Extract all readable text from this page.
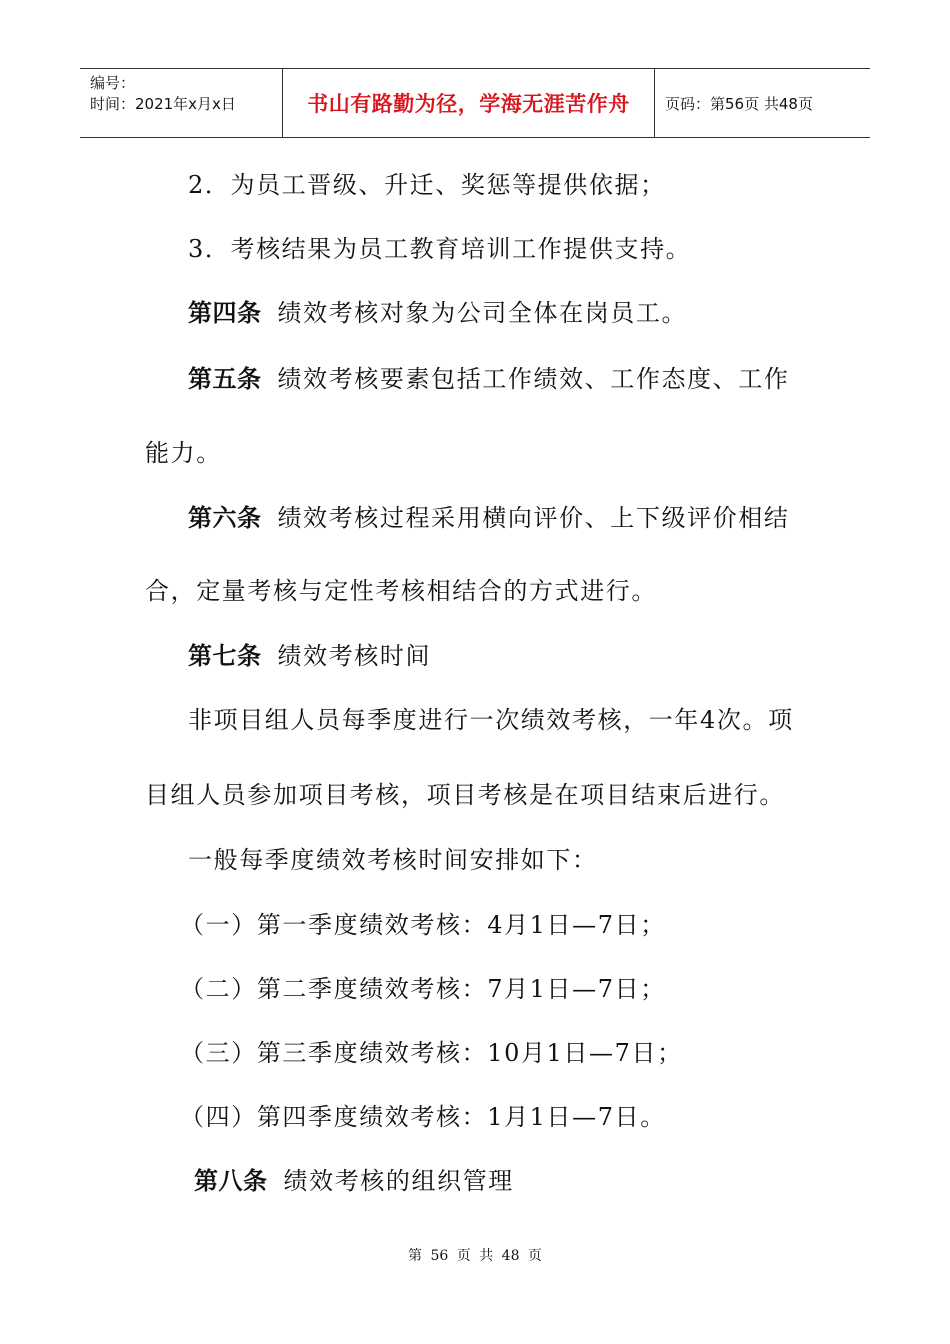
编号：
时间：2021年x月x日	书山有路勤为径，学海无涯苦作舟	页码：第56页 共48页
2．为员工晋级、升迁、奖惩等提供依据；
3．考核结果为员工教育培训工作提供支持。
第四条 绩效考核对象为公司全体在岗员工。
第五条 绩效考核要素包括工作绩效、工作态度、工作
能力。
第六条 绩效考核过程采用横向评价、上下级评价相结
合，定量考核与定性考核相结合的方式进行。
第七条 绩效考核时间
非项目组人员每季度进行一次绩效考核，一年4次。项
目组人员参加项目考核，项目考核是在项目结束后进行。
一般每季度绩效考核时间安排如下：
（一）第一季度绩效考核：4月1日—7日；
（二）第二季度绩效考核：7月1日—7日；
（三）第三季度绩效考核：10月1日—7日；
（四）第四季度绩效考核：1月1日—7日。
第八条 绩效考核的组织管理
第 56 页 共 48 页
